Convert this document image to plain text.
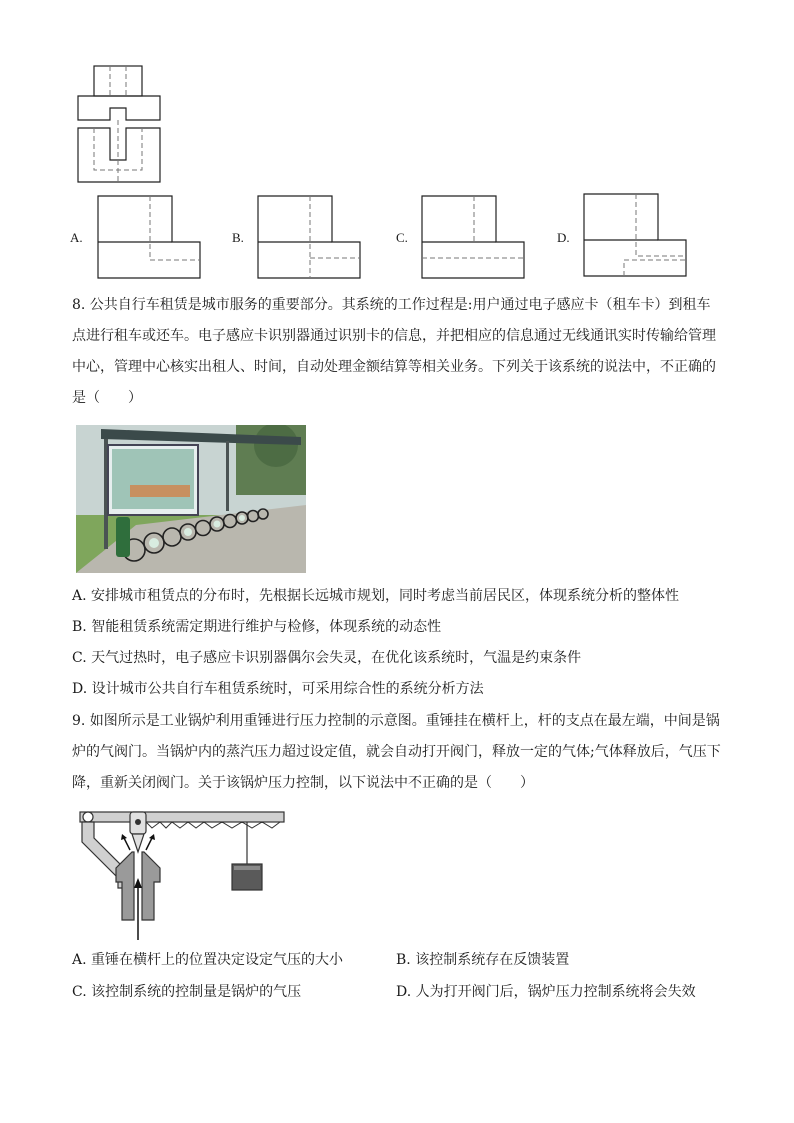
A.	B.	C.	D.
8. 公共自行车租赁是城市服务的重要部分。其系统的工作过程是:用户通过电子感应卡（租车卡）到租车
点进行租车或还车。电子感应卡识别器通过识别卡的信息，并把相应的信息通过无线通讯实时传输给管理
中心，管理中心核实出租人、时间，自动处理金额结算等相关业务。下列关于该系统的说法中，不正确的
是（　　）
A. 安排城市租赁点的分布时，先根据长远城市规划，同时考虑当前居民区，体现系统分析的整体性
B. 智能租赁系统需定期进行维护与检修，体现系统的动态性
C. 天气过热时，电子感应卡识别器偶尔会失灵，在优化该系统时，气温是约束条件
D. 设计城市公共自行车租赁系统时，可采用综合性的系统分析方法
9. 如图所示是工业锅炉利用重锤进行压力控制的示意图。重锤挂在横杆上，杆的支点在最左端，中间是锅
炉的气阀门。当锅炉内的蒸汽压力超过设定值，就会自动打开阀门，释放一定的气体;气体释放后，气压下
降，重新关闭阀门。关于该锅炉压力控制，以下说法中不正确的是（　　）
A. 重锤在横杆上的位置决定设定气压的大小	B. 该控制系统存在反馈装置
C. 该控制系统的控制量是锅炉的气压	D. 人为打开阀门后，锅炉压力控制系统将会失效
